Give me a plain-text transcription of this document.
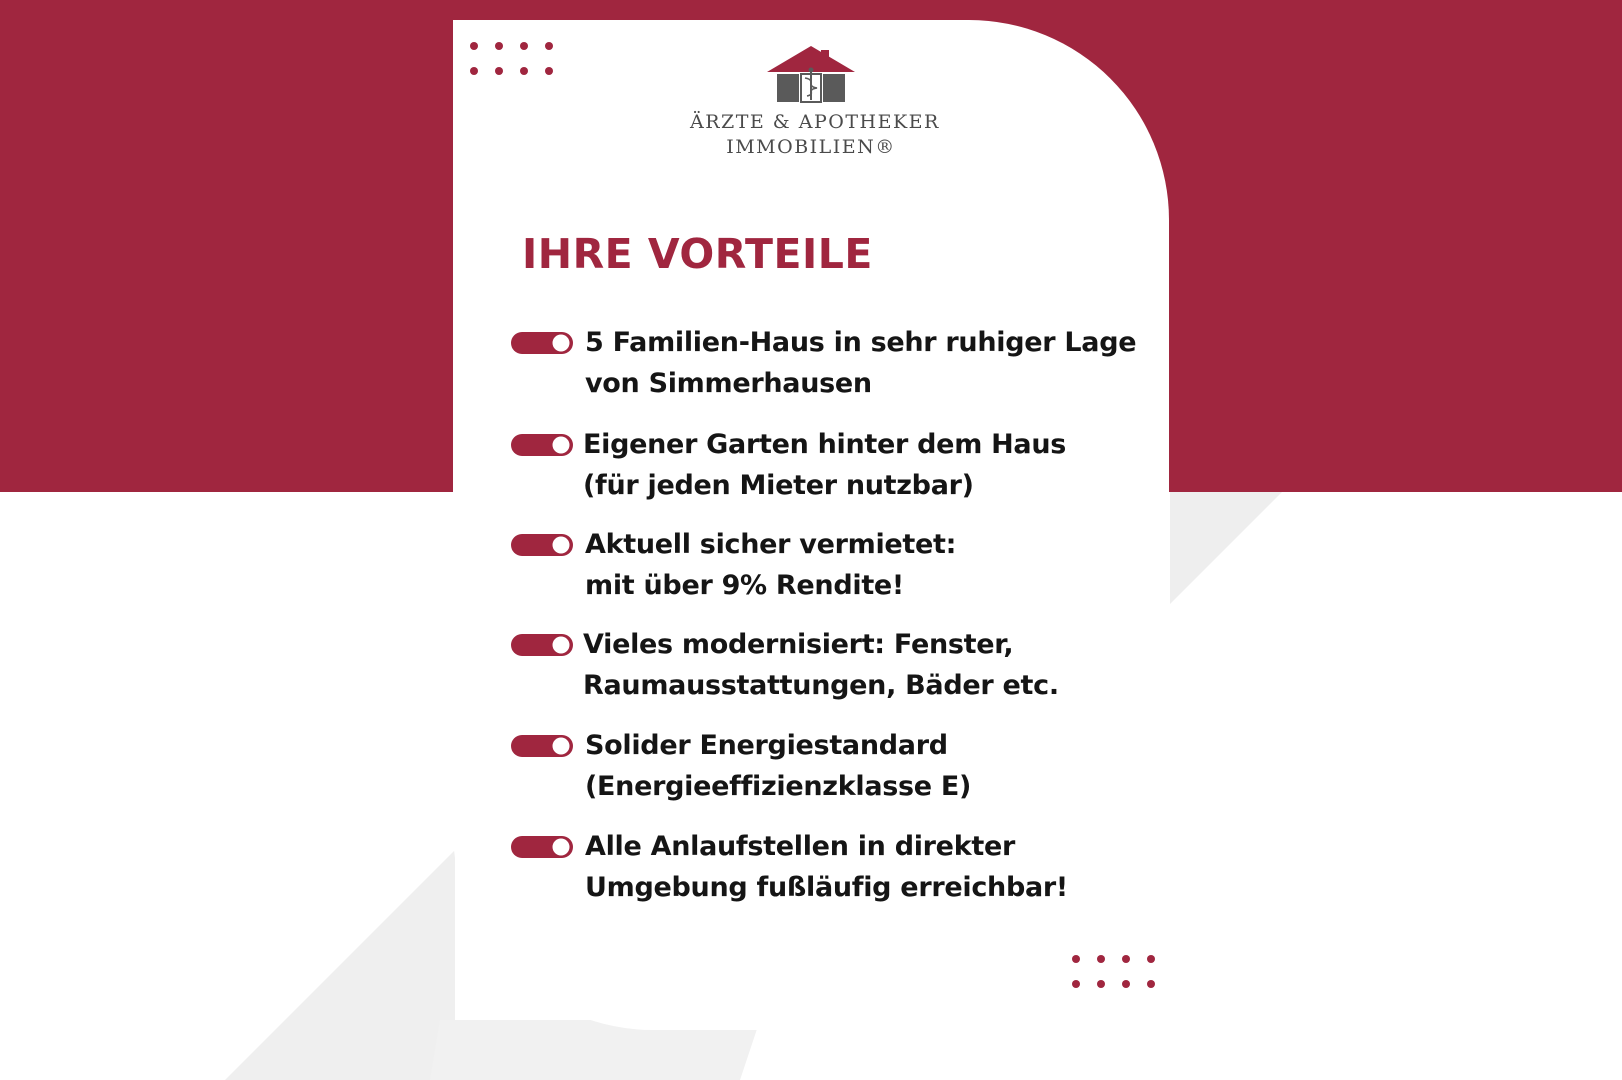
ÄRZTE & APOTHEKER
IMMOBILIEN®
IHRE VORTEILE
5 Familien-Haus in sehr ruhiger Lage
von Simmerhausen
Eigener Garten hinter dem Haus
(für jeden Mieter nutzbar)
Aktuell sicher vermietet:
mit über 9% Rendite!
Vieles modernisiert: Fenster,
Raumausstattungen, Bäder etc.
Solider Energiestandard
(Energieeffizienzklasse E)
Alle Anlaufstellen in direkter
Umgebung fußläufig erreichbar!
